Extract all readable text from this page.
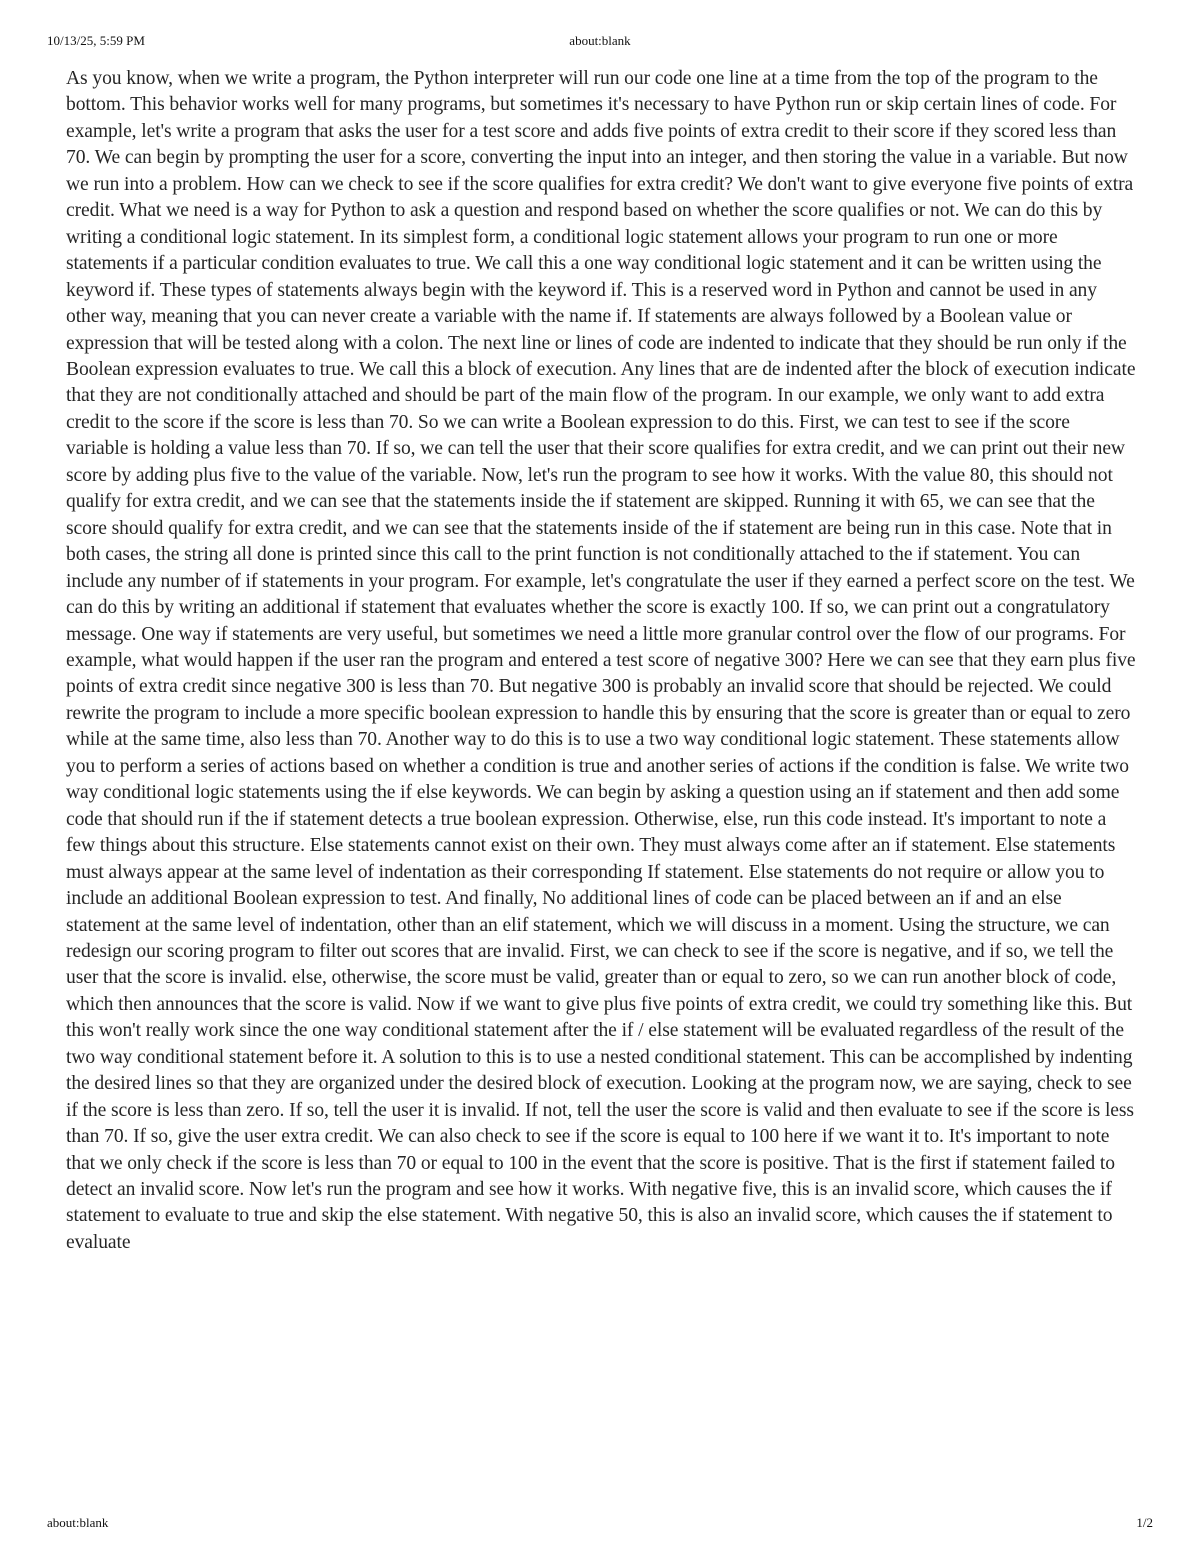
10/13/25, 5:59 PM	about:blank

As you know, when we write a program, the Python interpreter will run our code one line at a time from the top of the program to the bottom. This behavior works well for many programs, but sometimes it's necessary to have Python run or skip certain lines of code. For example, let's write a program that asks the user for a test score and adds five points of extra credit to their score if they scored less than 70. We can begin by prompting the user for a score, converting the input into an integer, and then storing the value in a variable. But now we run into a problem. How can we check to see if the score qualifies for extra credit? We don't want to give everyone five points of extra credit. What we need is a way for Python to ask a question and respond based on whether the score qualifies or not. We can do this by writing a conditional logic statement. In its simplest form, a conditional logic statement allows your program to run one or more statements if a particular condition evaluates to true. We call this a one way conditional logic statement and it can be written using the keyword if. These types of statements always begin with the keyword if. This is a reserved word in Python and cannot be used in any other way, meaning that you can never create a variable with the name if. If statements are always followed by a Boolean value or expression that will be tested along with a colon. The next line or lines of code are indented to indicate that they should be run only if the Boolean expression evaluates to true. We call this a block of execution. Any lines that are de indented after the block of execution indicate that they are not conditionally attached and should be part of the main flow of the program. In our example, we only want to add extra credit to the score if the score is less than 70. So we can write a Boolean expression to do this. First, we can test to see if the score variable is holding a value less than 70. If so, we can tell the user that their score qualifies for extra credit, and we can print out their new score by adding plus five to the value of the variable. Now, let's run the program to see how it works. With the value 80, this should not qualify for extra credit, and we can see that the statements inside the if statement are skipped. Running it with 65, we can see that the score should qualify for extra credit, and we can see that the statements inside of the if statement are being run in this case. Note that in both cases, the string all done is printed since this call to the print function is not conditionally attached to the if statement. You can include any number of if statements in your program. For example, let's congratulate the user if they earned a perfect score on the test. We can do this by writing an additional if statement that evaluates whether the score is exactly 100. If so, we can print out a congratulatory message. One way if statements are very useful, but sometimes we need a little more granular control over the flow of our programs. For example, what would happen if the user ran the program and entered a test score of negative 300? Here we can see that they earn plus five points of extra credit since negative 300 is less than 70. But negative 300 is probably an invalid score that should be rejected. We could rewrite the program to include a more specific boolean expression to handle this by ensuring that the score is greater than or equal to zero while at the same time, also less than 70. Another way to do this is to use a two way conditional logic statement. These statements allow you to perform a series of actions based on whether a condition is true and another series of actions if the condition is false. We write two way conditional logic statements using the if else keywords. We can begin by asking a question using an if statement and then add some code that should run if the if statement detects a true boolean expression. Otherwise, else, run this code instead. It's important to note a few things about this structure. Else statements cannot exist on their own. They must always come after an if statement. Else statements must always appear at the same level of indentation as their corresponding If statement. Else statements do not require or allow you to include an additional Boolean expression to test. And finally, No additional lines of code can be placed between an if and an else statement at the same level of indentation, other than an elif statement, which we will discuss in a moment. Using the structure, we can redesign our scoring program to filter out scores that are invalid. First, we can check to see if the score is negative, and if so, we tell the user that the score is invalid. else, otherwise, the score must be valid, greater than or equal to zero, so we can run another block of code, which then announces that the score is valid. Now if we want to give plus five points of extra credit, we could try something like this. But this won't really work since the one way conditional statement after the if / else statement will be evaluated regardless of the result of the two way conditional statement before it. A solution to this is to use a nested conditional statement. This can be accomplished by indenting the desired lines so that they are organized under the desired block of execution. Looking at the program now, we are saying, check to see if the score is less than zero. If so, tell the user it is invalid. If not, tell the user the score is valid and then evaluate to see if the score is less than 70. If so, give the user extra credit. We can also check to see if the score is equal to 100 here if we want it to. It's important to note that we only check if the score is less than 70 or equal to 100 in the event that the score is positive. That is the first if statement failed to detect an invalid score. Now let's run the program and see how it works. With negative five, this is an invalid score, which causes the if statement to evaluate to true and skip the else statement. With negative 50, this is also an invalid score, which causes the if statement to evaluate

about:blank	1/2
